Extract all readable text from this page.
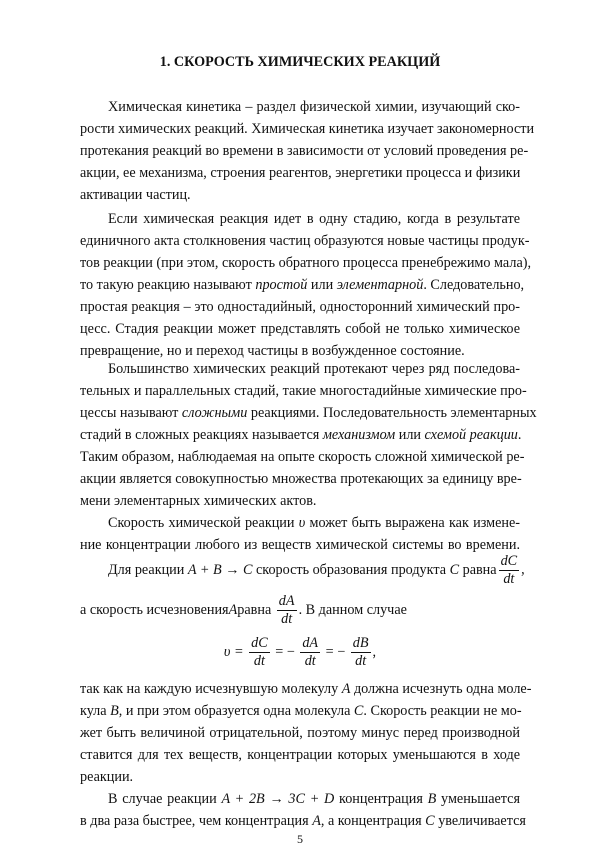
1. СКОРОСТЬ ХИМИЧЕСКИХ РЕАКЦИЙ
Химическая кинетика – раздел физической химии, изучающий ско-
рости химических реакций. Химическая кинетика изучает закономерности
протекания реакций во времени в зависимости от условий проведения ре-
акции, ее механизма, строения реагентов, энергетики процесса и физики
активации частиц.
Если химическая реакция идет в одну стадию, когда в результате
единичного акта столкновения частиц образуются новые частицы продук-
тов реакции (при этом, скорость обратного процесса пренебрежимо мала),
то такую реакцию называют простой или элементарной. Следовательно,
простая реакция – это одностадийный, односторонний химический про-
цесс. Стадия реакции может представлять собой не только химическое
превращение, но и переход частицы в возбужденное состояние.
Большинство химических реакций протекают через ряд последова-
тельных и параллельных стадий, такие многостадийные химические про-
цессы называют сложными реакциями. Последовательность элементарных
стадий в сложных реакциях называется механизмом или схемой реакции.
Таким образом, наблюдаемая на опыте скорость сложной химической ре-
акции является совокупностью множества протекающих за единицу вре-
мени элементарных химических актов.
Скорость химической реакции υ может быть выражена как измене-
ние концентрации любого из веществ химической системы во времени.
Для реакции A + B → C скорость образования продукта C равна $\frac{dC}{dt}$ ,
а скорость исчезновения A равна
$\frac{dA}{dt}$ . В данном случае
υ =
$\frac{dC}{dt}$
= −
$\frac{dA}{dt}$
= −
$\frac{dB}{dt}$ ,
так как на каждую исчезнувшую молекулу A должна исчезнуть одна моле-
кула B, и при этом образуется одна молекула C. Скорость реакции не мо-
жет быть величиной отрицательной, поэтому минус перед производной
5
ставится для тех веществ, концентрации которых уменьшаются в ходе
реакции.
В случае реакции A + 2B → 3C + D концентрация B уменьшается
в два раза быстрее, чем концентрация A, а концентрация C увеличивается
